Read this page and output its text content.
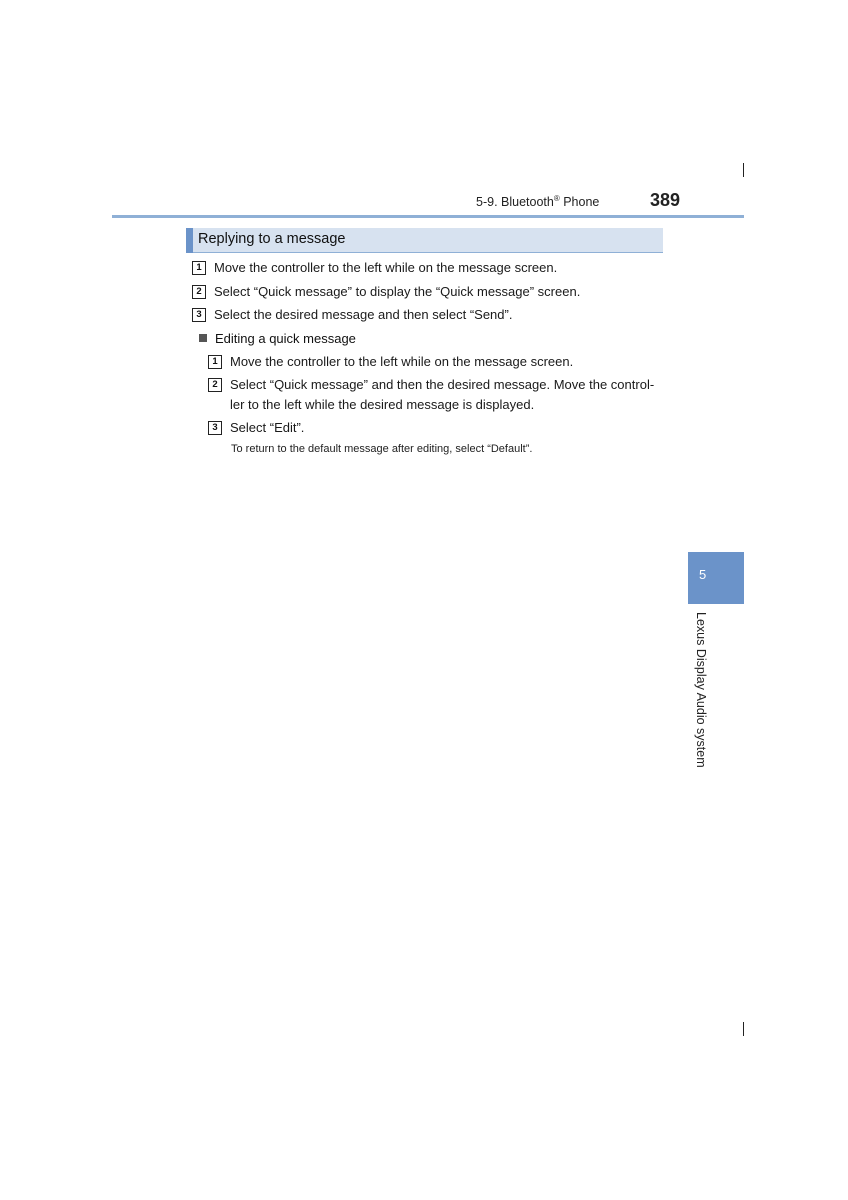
5-9. Bluetooth® Phone	389
Replying to a message
1 Move the controller to the left while on the message screen.
2 Select “Quick message” to display the “Quick message” screen.
3 Select the desired message and then select “Send”.
Editing a quick message
1 Move the controller to the left while on the message screen.
2 Select “Quick message” and then the desired message. Move the control-
ler to the left while the desired message is displayed.
3 Select “Edit”.
To return to the default message after editing, select “Default”.
5
Lexus Display Audio system
